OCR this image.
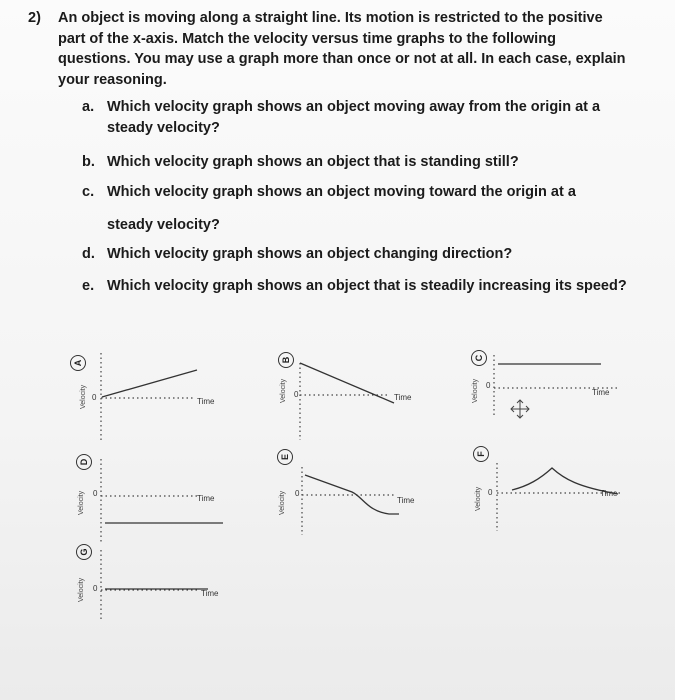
2) An object is moving along a straight line. Its motion is restricted to the positive part of the x-axis. Match the velocity versus time graphs to the following questions. You may use a graph more than once or not at all. In each case, explain your reasoning.
a. Which velocity graph shows an object moving away from the origin at a steady velocity?
b. Which velocity graph shows an object that is standing still?
c. Which velocity graph shows an object moving toward the origin at a
steady velocity?
d. Which velocity graph shows an object changing direction?
e. Which velocity graph shows an object that is steadily increasing its speed?
A
Velocity 0	Time
B
Velocity 0	Time
C
Velocity 0
Time
D
Velocity 0
Time
E
Velocity 0
Time
F
Velocity 0	Time
G
Velocity 0
Time
